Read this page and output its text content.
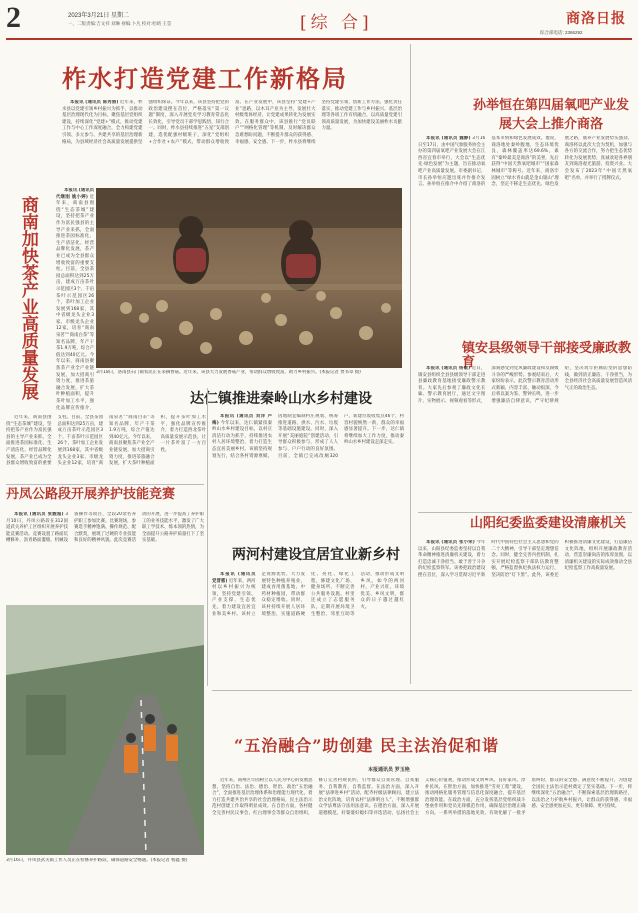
2	2023年3月21日 星期二
一、二版责编:吉文祥 刘琳 视编:卜凡 校对:杜晴 王莹	[综 合]	商洛日报
综合部电话: 2386292
柞水打造党建工作新格局

本报讯 (通讯员 陈秀丽) 近年来，柞水县以党建引领乡村振兴为抓手，以推动基层治理现代化为目标，聚焦基层党组织建设，持续深化“党建+”模式，推动党建工作与中心工作深度融合，全力构建党建引领、多元参与、共建共享的基层治理新格局，为县域经济社会高质量发展提供坚强组织保证。今年以来，该县坚持把党的政治建设摆在首位，严格落实“第一议题”制度，深入开展党史学习教育常态化长效化，引导党员干部学思践悟、知行合一。同时，柞水县持续推进“五星”支部创建，选优配强村级班子，深化“党组织+合作社+农户”模式，带动群众增收致富。在产业发展中，该县坚持“党建+产业”思路，以木耳产业为主导，发展壮大村级集体经济，让党建成果转化为发展实效。在服务群众中，该县推行“党员联户”“网格化管理”等机制，及时解决群众急难愁盼问题，不断提升群众的获得感、幸福感、安全感。下一步，柞水县将继续坚持党建引领，创新工作方法，强化责任落实，推动党建工作与乡村振兴、基层治理等各项工作有机融合，以高质量党建引领高质量发展，为加快建设美丽柞水贡献力量。

商南加快茶产业高质量发展

本报讯 (通讯员 代继刚 姚小婷) 近年来，商南县围绕“生态茶城”建设，坚持把茶产业作为富民强县的主导产业来抓，全面推进茶园标准化、生产清洁化、经营品牌化发展，茶产业已成为全县群众增收致富的重要支柱。目前，全县茶园总面积达到25万亩，建成万亩茶叶示范园区3个、千亩茶叶示范园区26个，茶叶加工企业发展到168家，其中省级龙头企业3家、市级龙头企业12家，培育“商南泉茗”“商南白茶”等知名品牌，年产干茶1.9万吨，综合产值达到40亿元。今年以来，商南县聚焦茶产业全产业链发展，加大招商引资力度，推进茶旅融合发展，扩大茶叶种植面积，提升茶叶加工水平，强化品牌宣传推介，

近年来，商南县围绕“生态茶城”建设，坚持把茶产业作为富民强县的主导产业来抓，全面推进茶园标准化、生产清洁化、经营品牌化发展，茶产业已成为全县群众增收致富的重要支柱。目前，全县茶园总面积达到25万亩，建成万亩茶叶示范园区3个、千亩茶叶示范园区26个，茶叶加工企业发展到168家，其中省级龙头企业3家、市级龙头企业12家，培育“商南泉茗”“商南白茶”等知名品牌，年产干茶1.9万吨，综合产值达到40亿元。今年以来，商南县聚焦茶产业全产业链发展，加大招商引资力度，推进茶旅融合发展，扩大茶叶种植面积，提升茶叶加工水平，强化品牌宣传推介，着力打造西北茶叶高质量发展示范县，让一片茶叶富了一方百姓。

3月18日，洛南县石门镇农民正在采摘香菇。近年来，该县大力发展香菇产业，带动群众增收致富，助力乡村振兴。(本报记者 贾书章 摄)
孙举恒在第四届氧吧产业发展大会上推介商洛

本报讯 (通讯员 魏静) 3月16日至17日，由中国气象服务协会主办的第四届氧吧产业发展大会在江西省宜春市举行，大会以“生态优先·绿色发展”为主题，旨在推动氧吧产业高质量发展。市委副书记、市长孙举恒应邀出席并作推介发言。孙举恒在推介中介绍了商洛的基本市情和绿色发展成效。他说，商洛地处秦岭腹地，生态环境优良，森林覆盖率达69.6%，素有“秦岭最美是商洛”的美誉，先后获得“中国天然氧吧城市”“国家森林城市”等称号。近年来，商洛牢固树立“绿水青山就是金山银山”理念，坚定不移走生态优先、绿色发展之路，康养产业发展势头强劲。商洛将以此次大会为契机，加强与各方的交流合作，努力把生态优势转化为发展优势，真诚欢迎各界朋友到商洛观光旅游、投资兴业。大会发布了2023年“中国天然氧吧”名单，并举行了授牌仪式。

镇安县级领导干部接受廉政教育

本报讯 (通讯员 杨敏) 近日，镇安县组织全县县级领导干部走进县廉政教育基地接受廉政警示教育。大家先后参观了廉政文化长廊、警示教育展厅，通过文字图片、实物展示、视频观看等形式，深刻感受到党风廉政建设和反腐败斗争的严峻形势。参观结束后，大家纷纷表示，此次警示教育活动形式新颖、内容丰富、触动很深，今后将以案为鉴、警钟长鸣，进一步增强廉洁自律意识，严守纪律规矩，坚决筑牢拒腐防变的思想防线，做到清正廉洁、干净担当，为全县经济社会高质量发展营造风清气正的政治生态。

山阳纪委监委建设清廉机关

本报讯 (通讯员 张小荣) 今年以来，山阳县纪委监委坚持以自我革命精神推进清廉机关建设，着力打造忠诚干净担当、敢于善于斗争的纪检监察铁军。该委把政治建设摆在首位，深入学习贯彻习近平新时代中国特色社会主义思想和党的二十大精神，引导干部坚定理想信念。同时，健全完善内控机制，扎实开展纪检监察干部队伍教育整顿，严格监督执纪执法权力运行，坚决防治“灯下黑”。此外，该委还积极推进清廉文化建设，打造廉洁文化阵地，组织开展廉政教育活动，营造崇廉尚洁的浓厚氛围，以清廉机关建设的实际成效推动全县纪检监察工作高质量发展。

达仁镇推进秦岭山水乡村建设

本报讯 (通讯员 刘洋 卢梅) 今年以来，达仁镇紧扣秦岭山水乡村建设目标，以村庄清洁行动为抓手，持续推进农村人居环境整治，着力打造生态宜居美丽乡村。该镇坚持规划先行，结合各村资源禀赋，因地制宜编制村庄规划，统筹推进道路、供水、污水、垃圾等基础设施建设。同时，深入开展“美丽庭院”创建活动，引导群众积极参与，形成了人人参与、户户行动的良好氛围。目前，全镇已完成改厕320户，新建垃圾收集点46个，村容村貌焕然一新，群众的幸福感显著提升。下一步，达仁镇将继续加大工作力度，推动秦岭山水乡村建设走深走实。

丹凤公路段开展养护技能竞赛

本报讯 (通讯员 张靓超) 3月10日，丹凤公路段在312国道武关养护工区组织开展养护技能竞赛活动。竞赛设置了路面坑槽修补、沥青路面灌缝、机械设备操作等项目，全段20余名养护职工参加比赛。比赛现场，参赛选手精神饱满、操作规范、配合默契，展现了过硬的专业技能和良好的精神风貌。此次竞赛活动的开展，进一步提高了养护职工的业务技能水平，激发了广大职工学技术、练本领的热情，为全面提升公路养护质量打下了坚实基础。

两河村建设宜居宜业新乡村

本报讯 (通讯员 党晋惠) 近年来，两河村以乡村振兴为统领，坚持党建引领、产业支撑、生态优先，着力建设宜居宜业和美乡村。该村立足资源优势，大力发展特色种植养殖业，建成食用菌基地、中药材种植园，带动群众稳定增收。同时，该村持续开展人居环境整治，实施道路硬化、亮化、绿化工程，修建文化广场、健身场所，不断完善公共服务设施。村里还成立了志愿服务队，定期开展环境卫生整治、邻里互助等活动，推动形成文明乡风。如今的两河村，产业兴旺、环境优美、乡风文明，群众的日子越过越红火。

3月16日，丹凤县武关镇工作人员正在检修养护路段，确保道路安全畅通。(本报记者 杨鑫 摄)
“五治融合”助创建 民主法治促和谐
本报通讯员 罗玉艳

近年来，商州区牢固树立以人民为中心的发展思想，坚持自治、法治、德治、智治、政治“五治融合”，全面推进基层治理体系和治理能力现代化，着力打造共建共治共享的社会治理格局，民主法治示范村创建工作取得明显成效。在自治方面，各村健全完善村民议事会、红白理事会等群众自治组织，修订完善村规民约，引导群众自我管理、自我服务、自我教育、自我监督。在法治方面，深入开展“法律进乡村”活动，配齐村级法律顾问，建立法治文化阵地，培育农村“法律明白人”，不断增强群众学法尊法守法用法意识。在德治方面，深入开展道德模范、好婆婆好媳妇等评选活动，弘扬社会主义核心价值观，推动形成文明乡风、良好家风、淳朴民风。在智治方面，加快推进“雪亮工程”建设，推动网格化服务管理与信息化深度融合，提升基层治理效能。在政治方面，充分发挥基层党组织战斗堡垒作用和党员先锋模范作用，确保基层治理正确方向。一系列举措的落地见效，有效化解了一批矛盾纠纷，群众的安全感、满意度不断提升，为创建全国民主法治示范村奠定了坚实基础。下一步，将继续深化“五治融合”，不断探索基层治理新路径，以法治之力护航乡村振兴，让群众的获得感、幸福感、安全感更加充实、更有保障、更可持续。
